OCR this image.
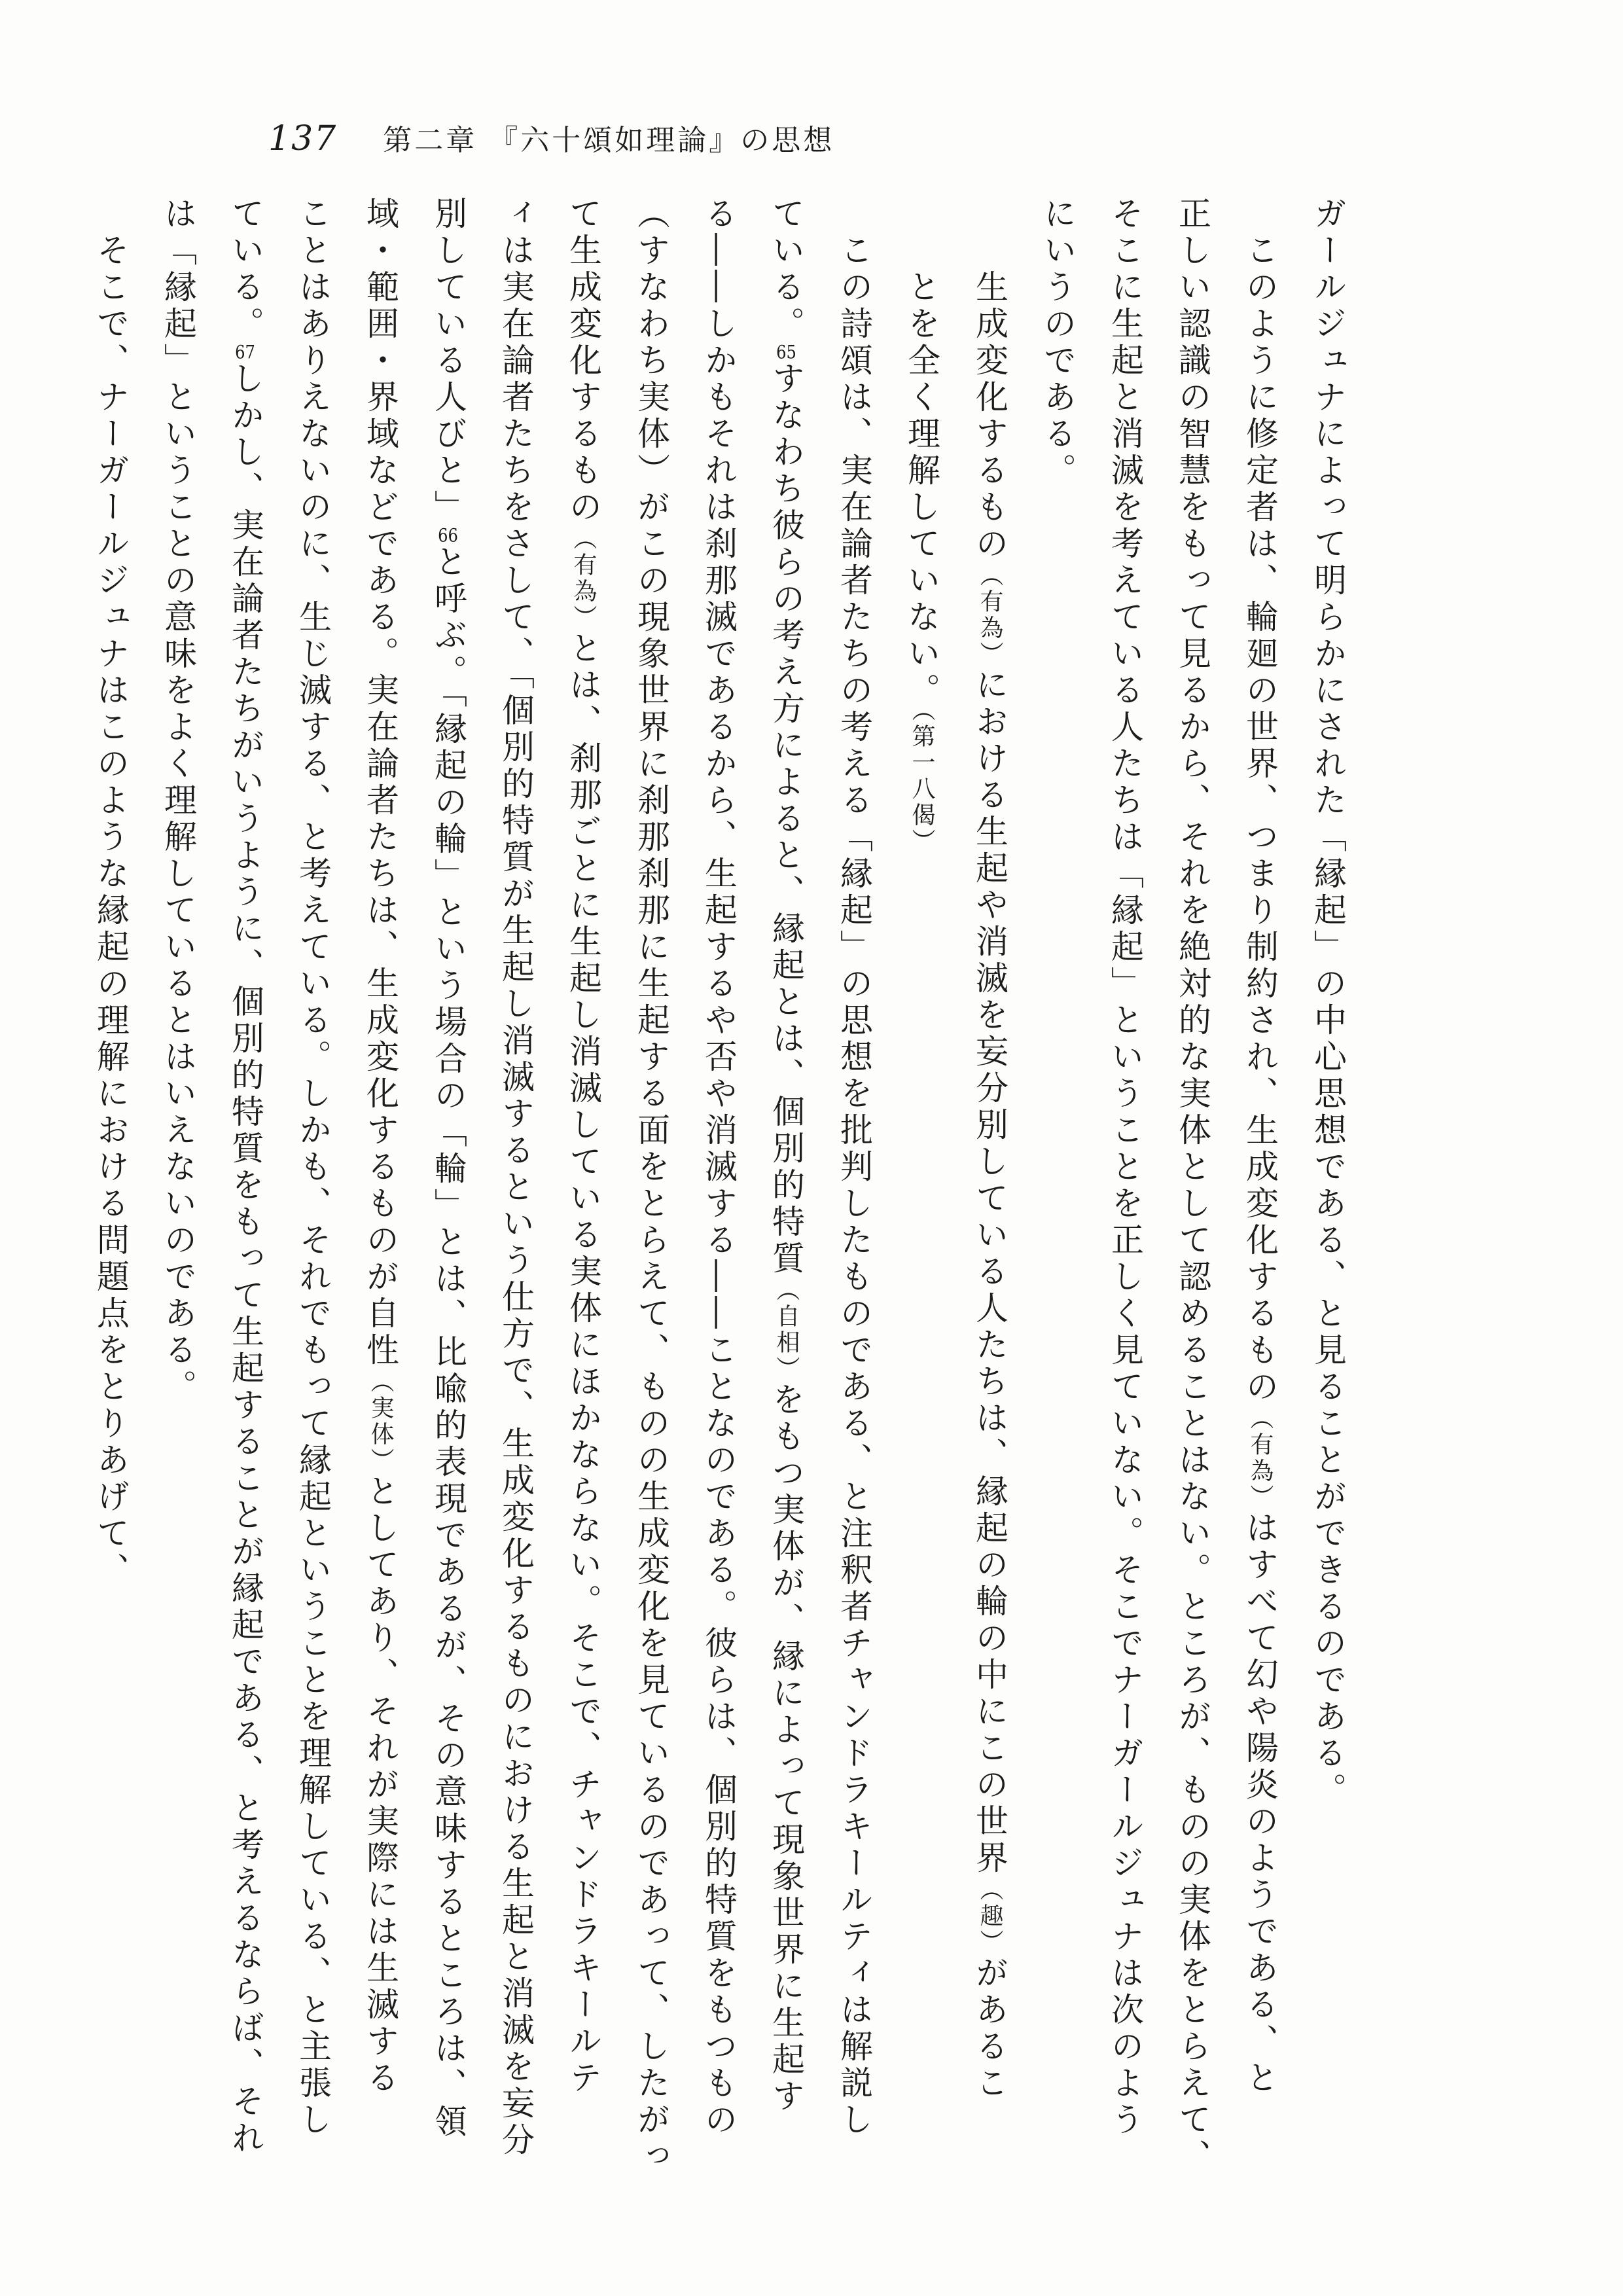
137 第二章 『六十頌如理論』の思想
ガールジュナによって明らかにされた「縁起」の中心思想である、と見ることができるのである。
　このように修定者は、輪廻の世界、つまり制約され、生成変化するもの（有為）はすべて幻や陽炎のようである、と
正しい認識の智慧をもって見るから、それを絶対的な実体として認めることはない。ところが、ものの実体をとらえて、
そこに生起と消滅を考えている人たちは「縁起」ということを正しく見ていない。そこでナーガールジュナは次のよう
にいうのである。
　　生成変化するもの（有為）における生起や消滅を妄分別している人たちは、縁起の輪の中にこの世界（趣）があるこ
　　とを全く理解していない。（第一八偈）
　この詩頌は、実在論者たちの考える「縁起」の思想を批判したものである、と注釈者チャンドラキールティは解説し
ている。$^{65}$すなわち彼らの考え方によると、縁起とは、個別的特質（自相）をもつ実体が、縁によって現象世界に生起す
る――しかもそれは刹那滅であるから、生起するや否や消滅する――ことなのである。彼らは、個別的特質をもつもの
（すなわち実体）がこの現象世界に刹那刹那に生起する面をとらえて、ものの生成変化を見ているのであって、したがっ
て生成変化するもの（有為）とは、刹那ごとに生起し消滅している実体にほかならない。そこで、チャンドラキールテ
ィは実在論者たちをさして、「個別的特質が生起し消滅するという仕方で、生成変化するものにおける生起と消滅を妄分
別している人びと」$^{66}$と呼ぶ。「縁起の輪」という場合の「輪」とは、比喩的表現であるが、その意味するところは、領
域・範囲・界域などである。実在論者たちは、生成変化するものが自性（実体）としてあり、それが実際には生滅する
ことはありえないのに、生じ滅する、と考えている。しかも、それでもって縁起ということを理解している、と主張し
ている。$^{67}$しかし、実在論者たちがいうように、個別的特質をもって生起することが縁起である、と考えるならば、それ
は「縁起」ということの意味をよく理解しているとはいえないのである。
　そこで、ナーガールジュナはこのような縁起の理解における問題点をとりあげて、
